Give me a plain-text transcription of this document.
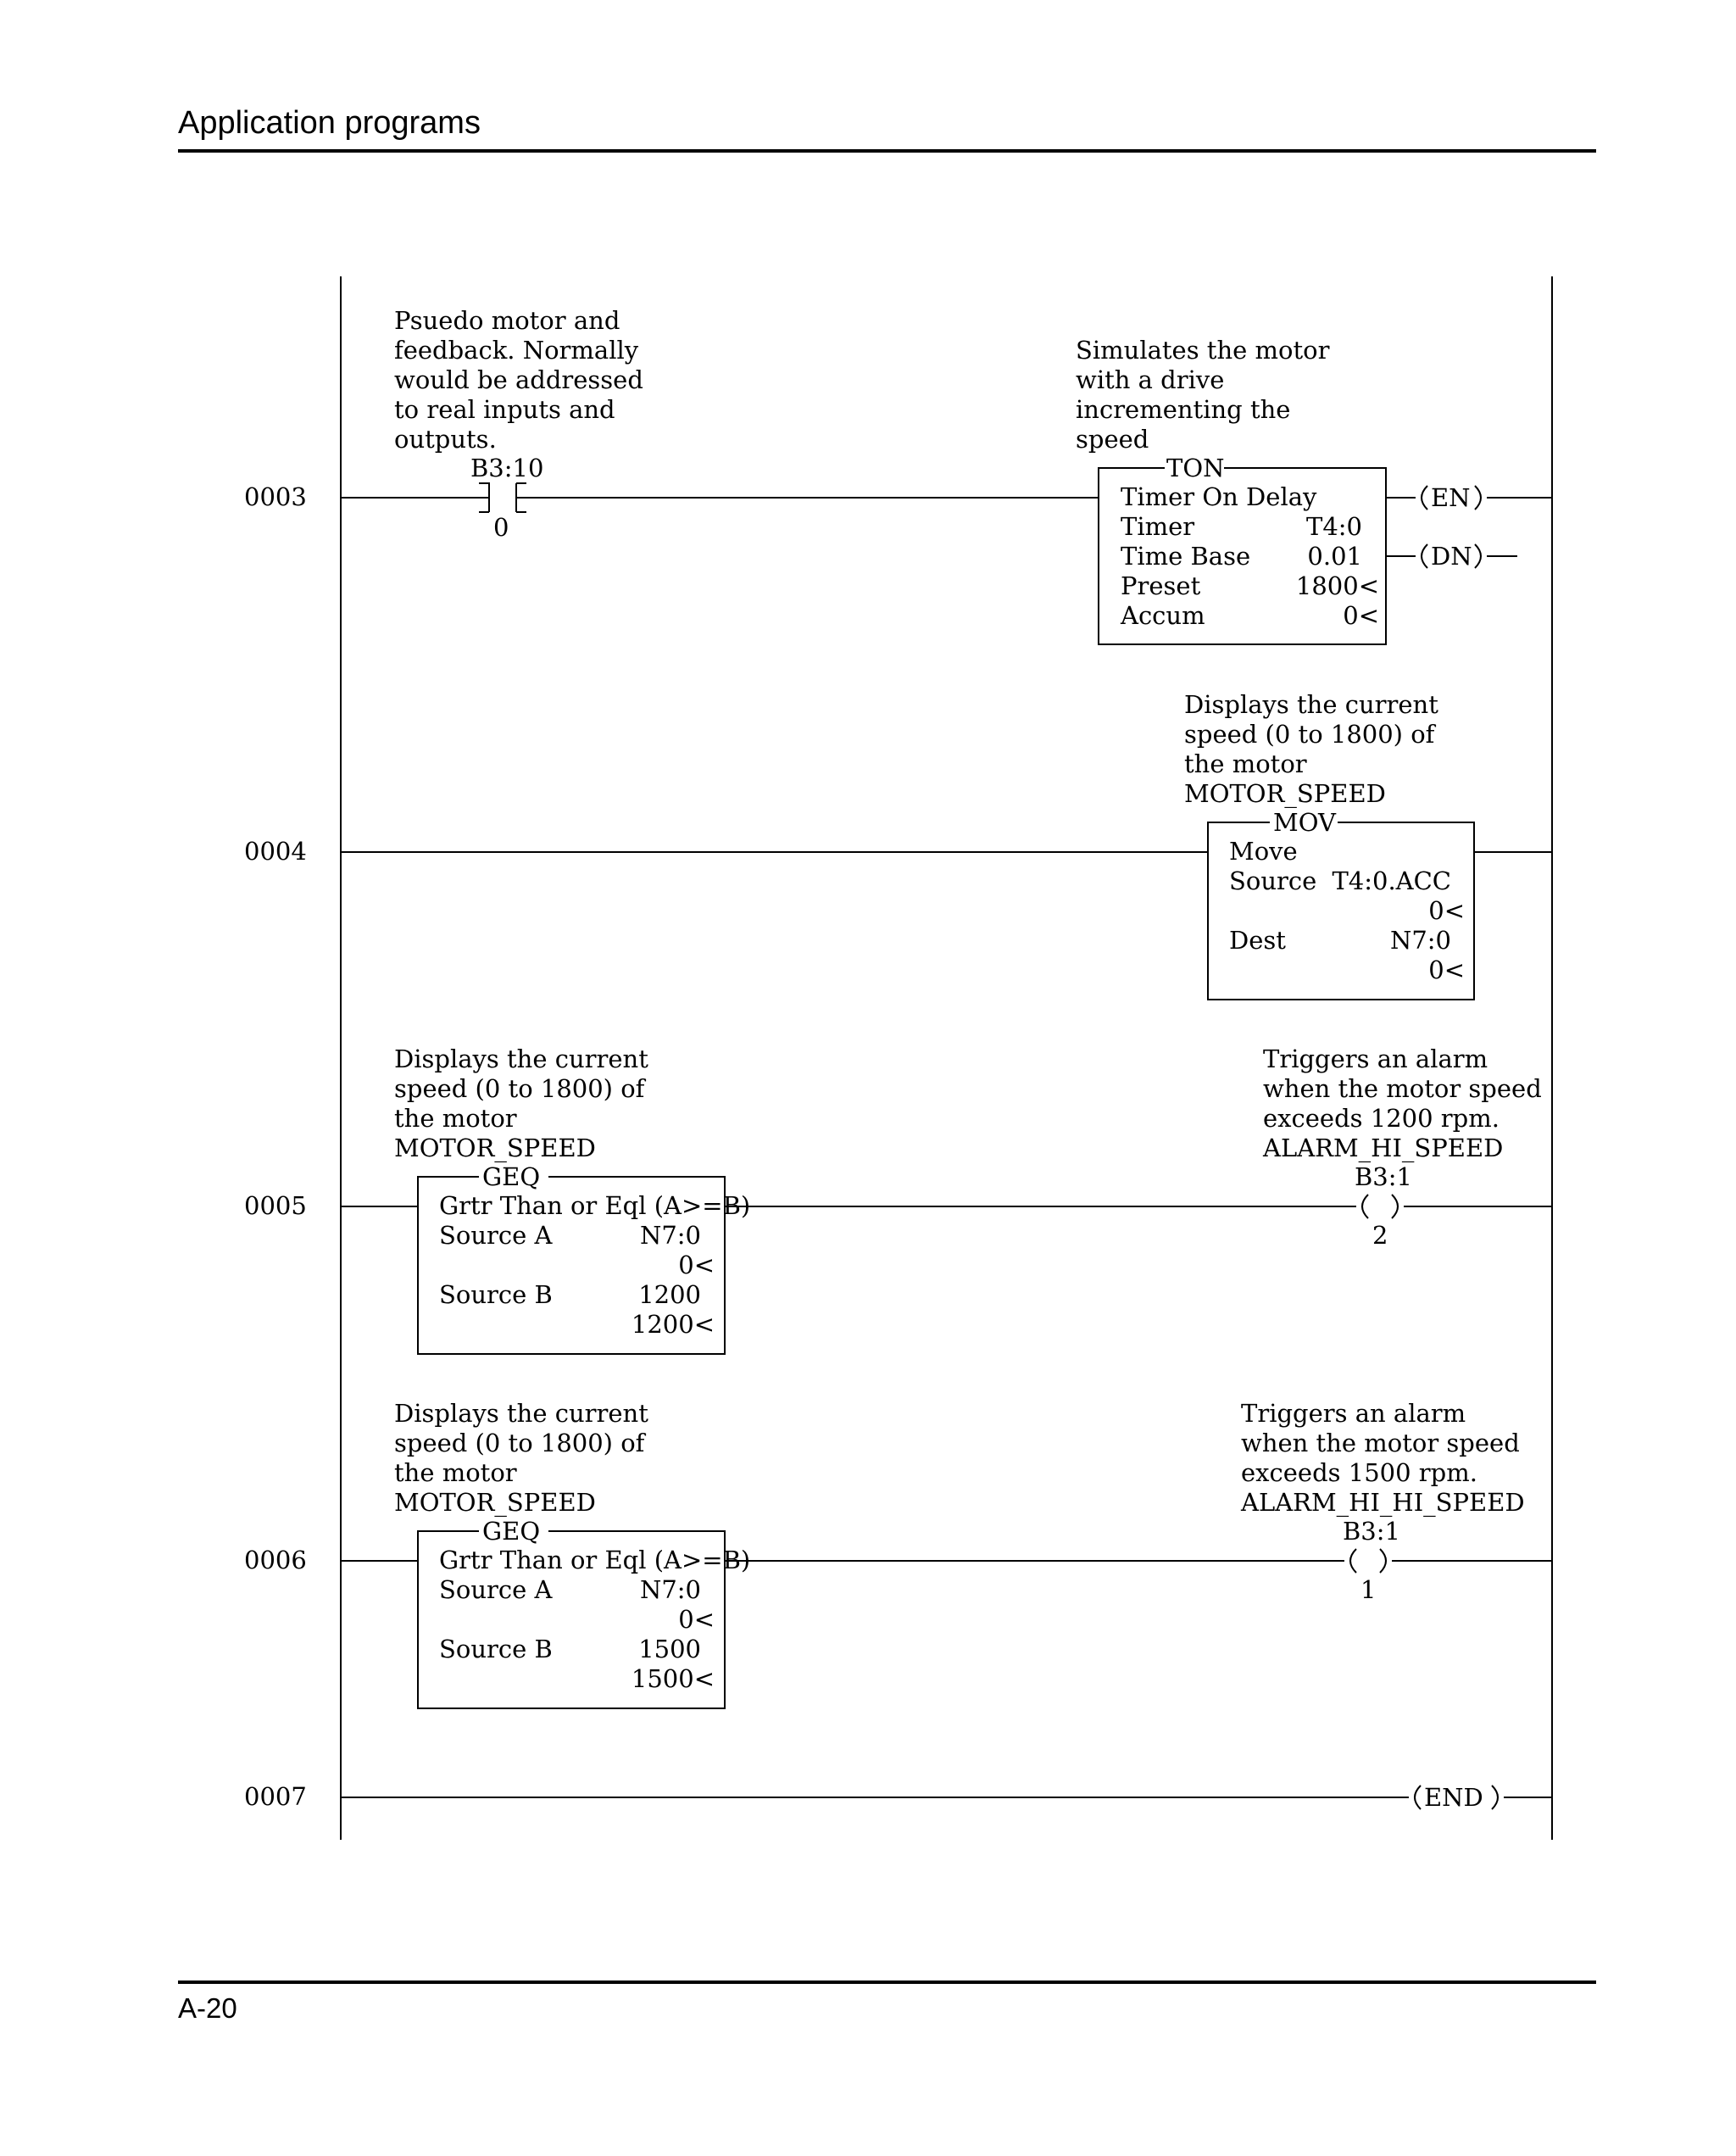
Application programs
0003
Psuedo motor and
feedback. Normally
would be addressed
to real inputs and
outputs.
B3:10
0
Simulates the motor
with a drive
incrementing the
speed
TON
Timer On Delay
Timer	T4:0
Time Base 0.01
Preset	1800<
Accum	0<
EN
DN
0004
Displays the current
speed (0 to 1800) of
the motor
MOTOR_SPEED
MOV
Move
Source T4:0.ACC
0<
Dest	N7:0
0<
0005
Displays the current
speed (0 to 1800) of
the motor
MOTOR_SPEED
GEQ
Grtr Than or Eql (A>=B)
Source A	N7:0
0<
Source B	1200
1200<
Triggers an alarm
when the motor speed
exceeds 1200 rpm.
ALARM_HI_SPEED
B3:1
2
0006
Displays the current
speed (0 to 1800) of
the motor
MOTOR_SPEED
GEQ
Grtr Than or Eql (A>=B)
Source A	N7:0
0<
Source B	1500
1500<
Triggers an alarm
when the motor speed
exceeds 1500 rpm.
ALARM_HI_HI_SPEED
B3:1
1
0007	END
A-20
